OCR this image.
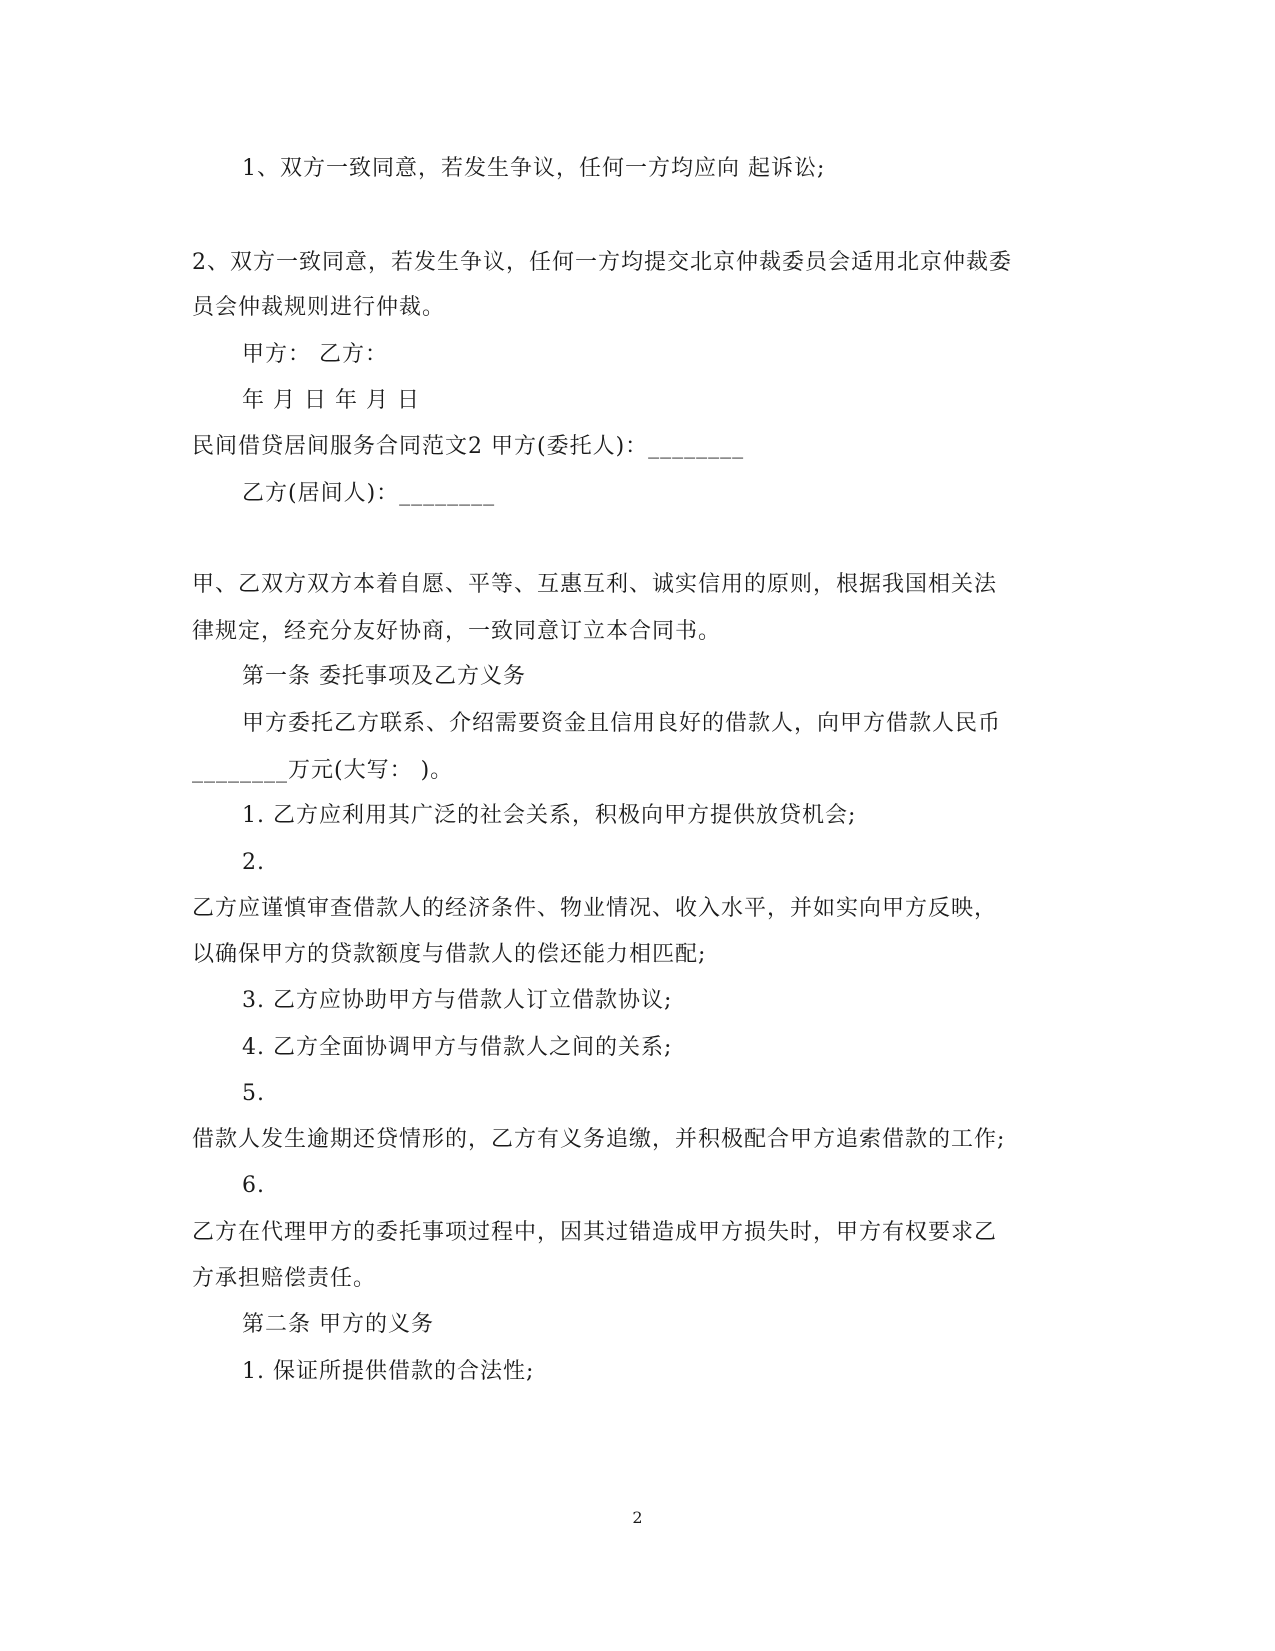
1、双方一致同意，若发生争议，任何一方均应向 起诉讼;
2、双方一致同意，若发生争议，任何一方均提交北京仲裁委员会适用北京仲裁委
员会仲裁规则进行仲裁。
甲方： 乙方：
年 月 日 年 月 日
民间借贷居间服务合同范文2 甲方(委托人)：________
乙方(居间人)：________
甲、乙双方双方本着自愿、平等、互惠互利、诚实信用的原则，根据我国相关法
律规定，经充分友好协商，一致同意订立本合同书。
第一条 委托事项及乙方义务
甲方委托乙方联系、介绍需要资金且信用良好的借款人，向甲方借款人民币
________万元(大写： )。
1. 乙方应利用其广泛的社会关系，积极向甲方提供放贷机会;
2.
乙方应谨慎审查借款人的经济条件、物业情况、收入水平，并如实向甲方反映，
以确保甲方的贷款额度与借款人的偿还能力相匹配;
3. 乙方应协助甲方与借款人订立借款协议;
4. 乙方全面协调甲方与借款人之间的关系;
5.
借款人发生逾期还贷情形的，乙方有义务追缴，并积极配合甲方追索借款的工作;
6.
乙方在代理甲方的委托事项过程中，因其过错造成甲方损失时，甲方有权要求乙
方承担赔偿责任。
第二条 甲方的义务
1. 保证所提供借款的合法性;
2
